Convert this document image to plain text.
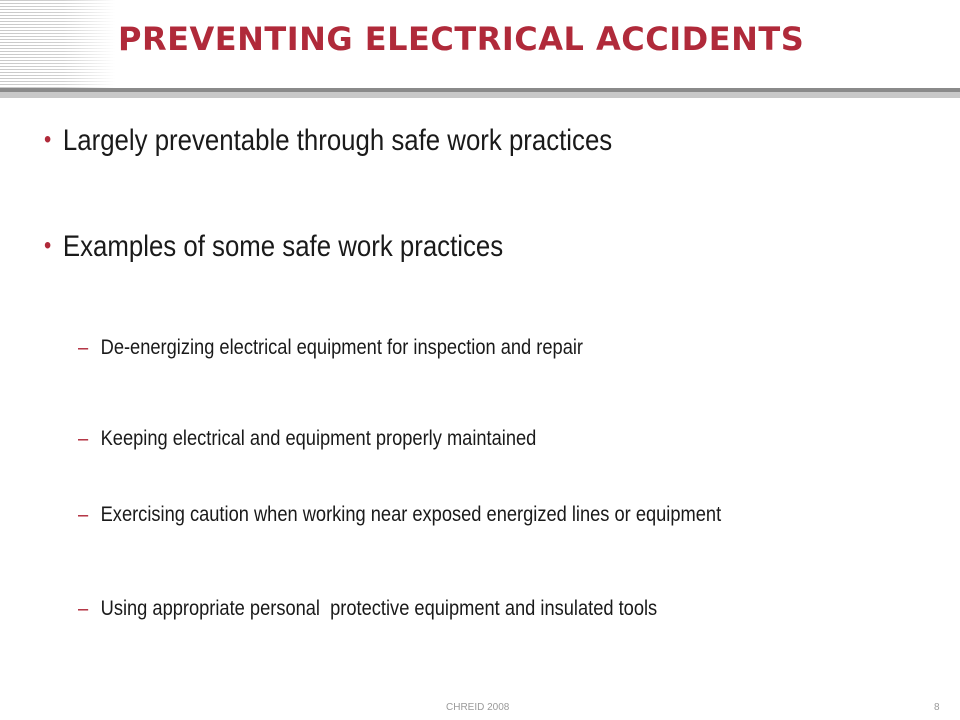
PREVENTING ELECTRICAL ACCIDENTS

• Largely preventable through safe work practices

• Examples of some safe work practices

– De-energizing electrical equipment for inspection and repair

– Keeping electrical and equipment properly maintained

– Exercising caution when working near exposed energized lines or equipment

– Using appropriate personal  protective equipment and insulated tools

CHREID 2008	8
